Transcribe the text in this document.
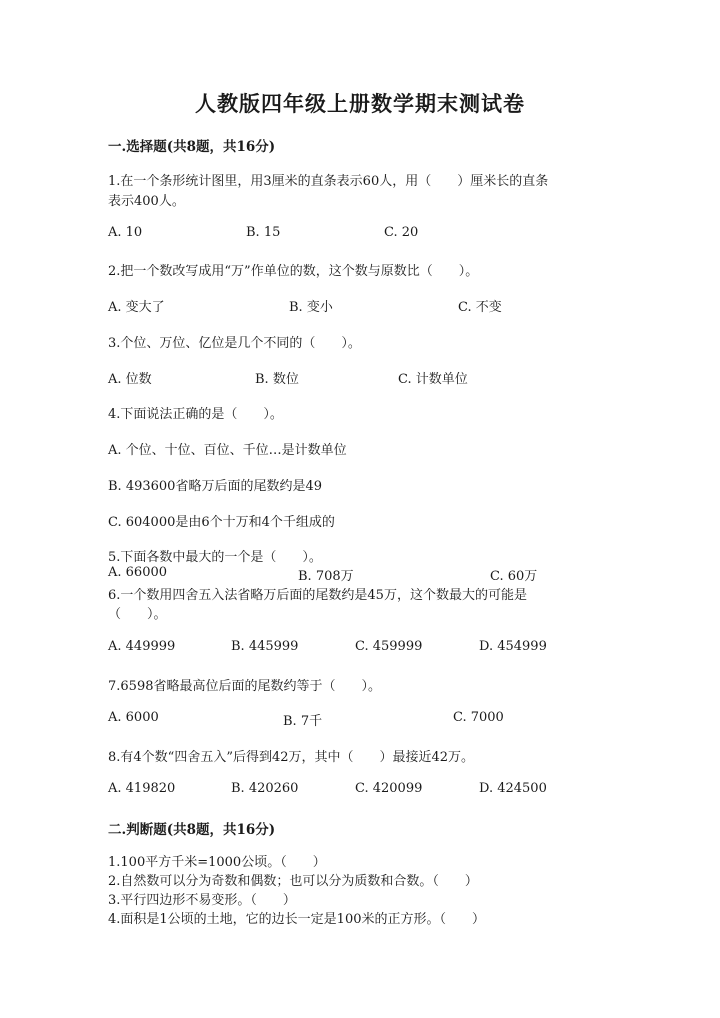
人教版四年级上册数学期末测试卷
一.选择题(共8题，共16分)
1.在一个条形统计图里，用3厘米的直条表示60人，用（　　）厘米长的直条
表示400人。
A. 10	B. 15	C. 20
2.把一个数改写成用“万”作单位的数，这个数与原数比（　　）。
A. 变大了	B. 变小	C. 不变
3.个位、万位、亿位是几个不同的（　　）。
A. 位数	B. 数位	C. 计数单位
4.下面说法正确的是（　　）。
A. 个位、十位、百位、千位…是计数单位
B. 493600省略万后面的尾数约是49
C. 604000是由6个十万和4个千组成的
5.下面各数中最大的一个是（　　）。
A. 66000	B. 708万	C. 60万
6.一个数用四舍五入法省略万后面的尾数约是45万，这个数最大的可能是
（　　）。
A. 449999	B. 445999	C. 459999	D. 454999
7.6598省略最高位后面的尾数约等于（　　）。
A. 6000	B. 7千	C. 7000
8.有4个数“四舍五入”后得到42万，其中（　　）最接近42万。
A. 419820	B. 420260	C. 420099	D. 424500
二.判断题(共8题，共16分)
1.100平方千米=1000公顷。（　　）
2.自然数可以分为奇数和偶数；也可以分为质数和合数。（　　）
3.平行四边形不易变形。（　　）
4.面积是1公顷的土地，它的边长一定是100米的正方形。（　　）
